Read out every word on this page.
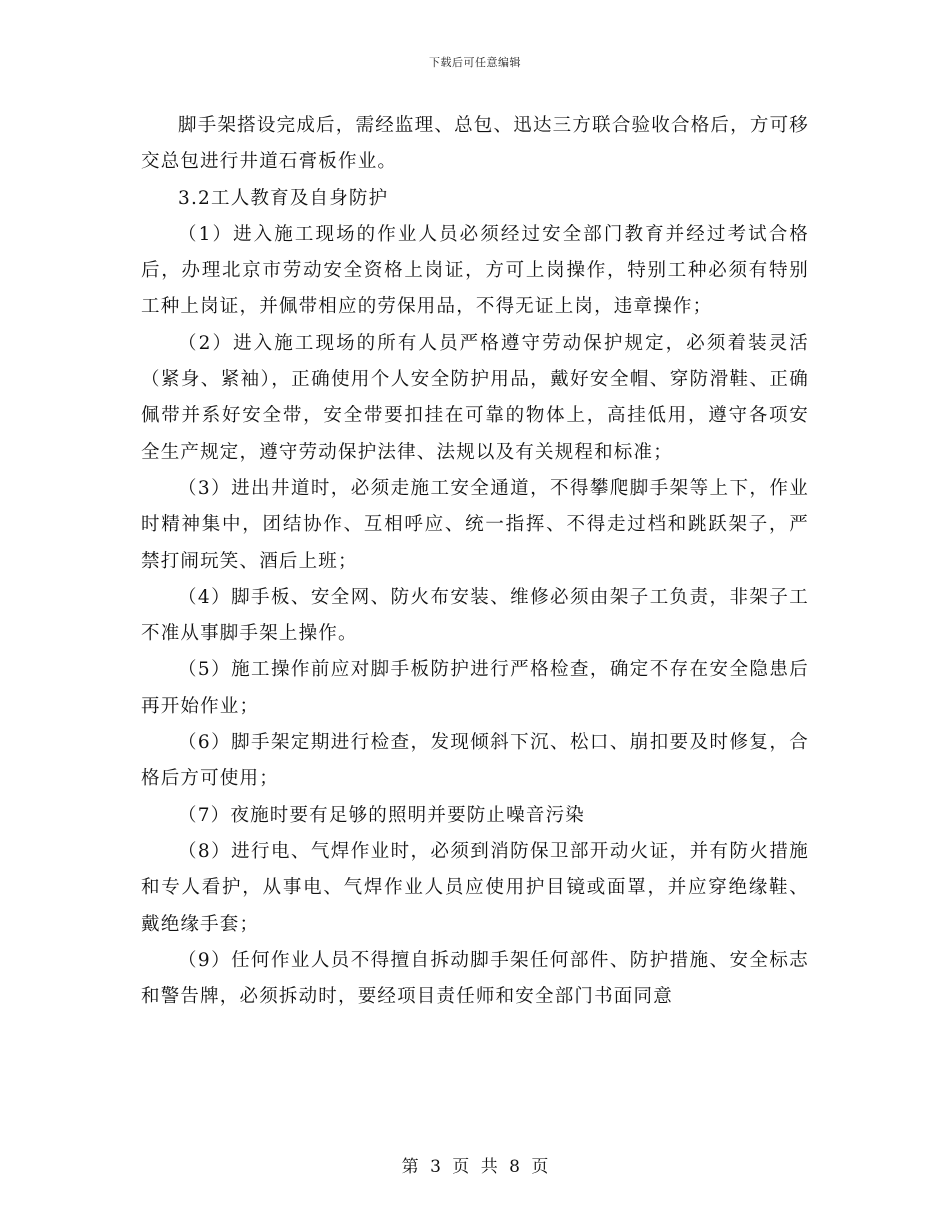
下载后可任意编辑

脚手架搭设完成后，需经监理、总包、迅达三方联合验收合格后，方可移交总包进行井道石膏板作业。

3.2工人教育及自身防护

（1）进入施工现场的作业人员必须经过安全部门教育并经过考试合格后，办理北京市劳动安全资格上岗证，方可上岗操作，特别工种必须有特别工种上岗证，并佩带相应的劳保用品，不得无证上岗，违章操作；

（2）进入施工现场的所有人员严格遵守劳动保护规定，必须着装灵活（紧身、紧袖），正确使用个人安全防护用品，戴好安全帽、穿防滑鞋、正确佩带并系好安全带，安全带要扣挂在可靠的物体上，高挂低用，遵守各项安全生产规定，遵守劳动保护法律、法规以及有关规程和标准；

（3）进出井道时，必须走施工安全通道，不得攀爬脚手架等上下，作业时精神集中，团结协作、互相呼应、统一指挥、不得走过档和跳跃架子，严禁打闹玩笑、酒后上班；

（4）脚手板、安全网、防火布安装、维修必须由架子工负责，非架子工不准从事脚手架上操作。

（5）施工操作前应对脚手板防护进行严格检查，确定不存在安全隐患后再开始作业；

（6）脚手架定期进行检查，发现倾斜下沉、松口、崩扣要及时修复，合格后方可使用；

（7）夜施时要有足够的照明并要防止噪音污染

（8）进行电、气焊作业时，必须到消防保卫部开动火证，并有防火措施和专人看护，从事电、气焊作业人员应使用护目镜或面罩，并应穿绝缘鞋、戴绝缘手套；

（9）任何作业人员不得擅自拆动脚手架任何部件、防护措施、安全标志和警告牌，必须拆动时，要经项目责任师和安全部门书面同意

第 3 页 共 8 页
